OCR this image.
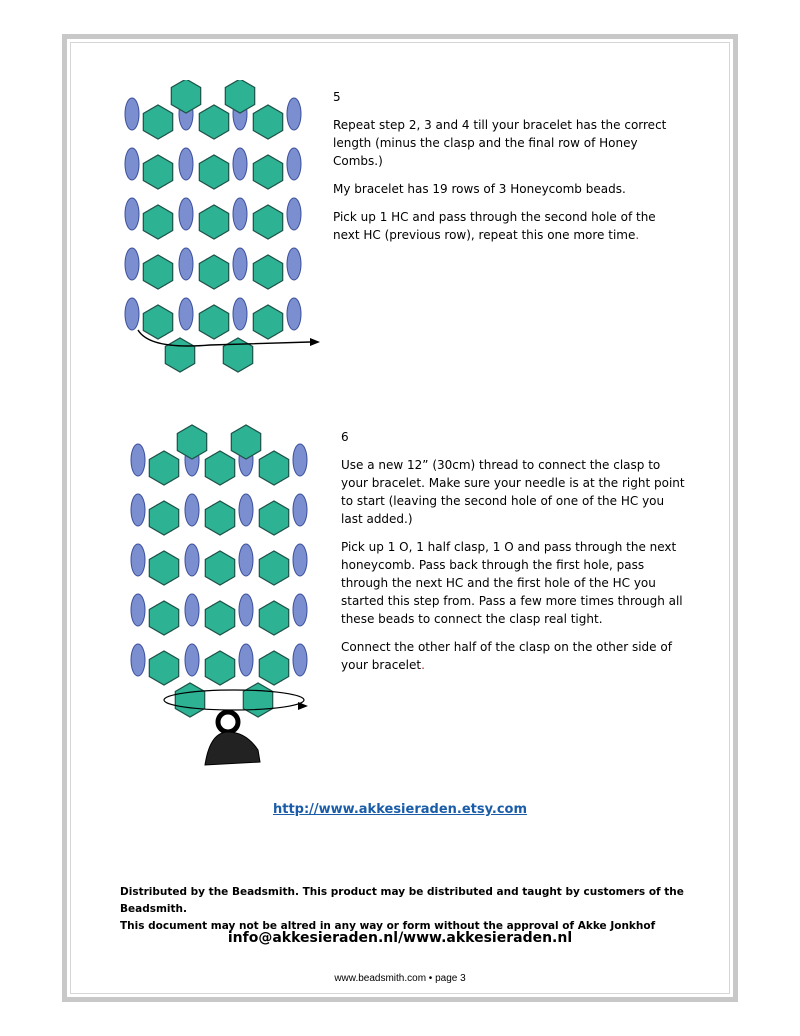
5

Repeat step 2, 3 and 4 till your bracelet has the correct length (minus the clasp and the final row of Honey Combs.)

My bracelet has 19 rows of 3 Honeycomb beads.

Pick up 1 HC and pass through the second hole of the next HC (previous row), repeat this one more time.

6

Use a new 12” (30cm) thread to connect the clasp to your bracelet. Make sure your needle is at the right point to start (leaving the second hole of one of the HC you last added.)

Pick up 1 O, 1 half clasp, 1 O and pass through the next honeycomb. Pass back through the first hole, pass through the next HC and the first hole of the HC you started this step from. Pass a few more times through all these beads to connect the clasp real tight.

Connect the other half of the clasp on the other side of your bracelet.

http://www.akkesieraden.etsy.com
Distributed by the Beadsmith. This product may be distributed and taught by customers of the Beadsmith.
This document may not be altred in any way or form without the approval of Akke Jonkhof
info@akkesieraden.nl/www.akkesieraden.nl
www.beadsmith.com • page 3
